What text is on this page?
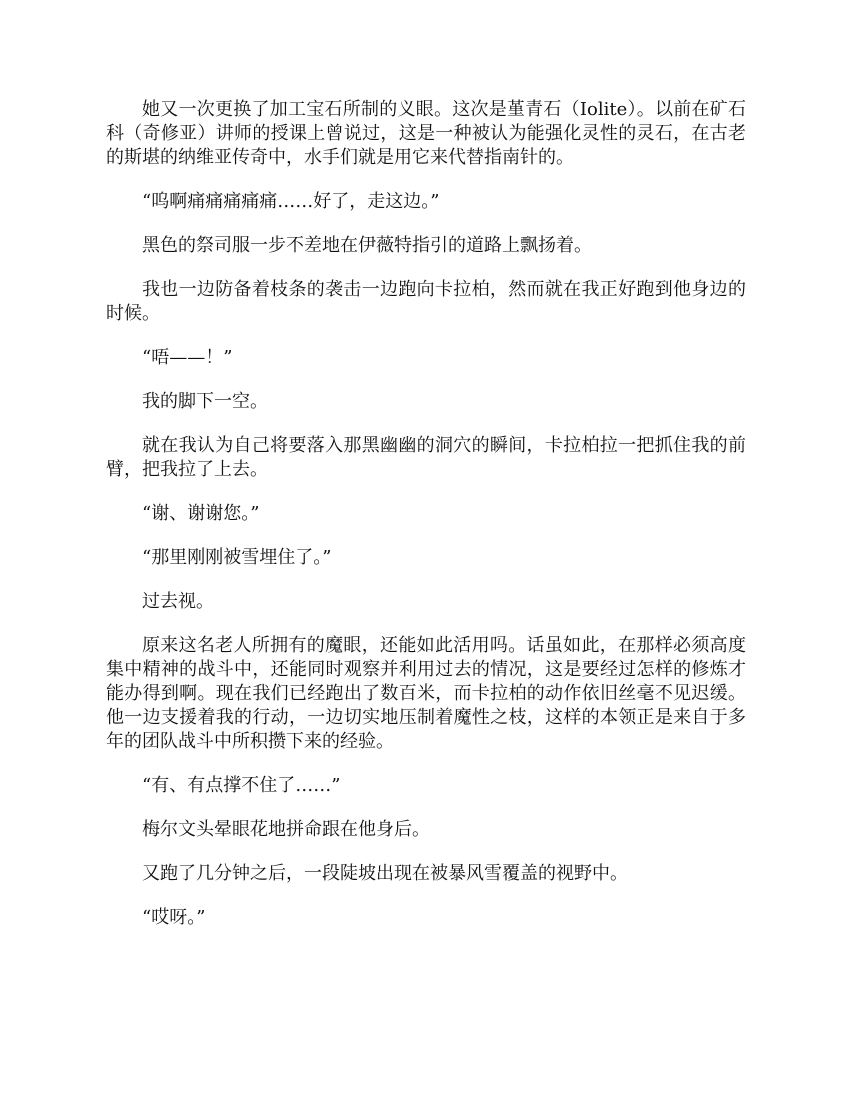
她又一次更换了加工宝石所制的义眼。这次是堇青石（Iolite）。以前在矿石科（奇修亚）讲师的授课上曾说过，这是一种被认为能强化灵性的灵石，在古老的斯堪的纳维亚传奇中，水手们就是用它来代替指南针的。

“呜啊痛痛痛痛痛……好了，走这边。”

黑色的祭司服一步不差地在伊薇特指引的道路上飘扬着。

我也一边防备着枝条的袭击一边跑向卡拉柏，然而就在我正好跑到他身边的时候。

“唔——！”

我的脚下一空。

就在我认为自己将要落入那黑幽幽的洞穴的瞬间，卡拉柏拉一把抓住我的前臂，把我拉了上去。

“谢、谢谢您。”

“那里刚刚被雪埋住了。”

过去视。

原来这名老人所拥有的魔眼，还能如此活用吗。话虽如此，在那样必须高度集中精神的战斗中，还能同时观察并利用过去的情况，这是要经过怎样的修炼才能办得到啊。现在我们已经跑出了数百米，而卡拉柏的动作依旧丝毫不见迟缓。他一边支援着我的行动，一边切实地压制着魔性之枝，这样的本领正是来自于多年的团队战斗中所积攒下来的经验。

“有、有点撑不住了……”

梅尔文头晕眼花地拼命跟在他身后。

又跑了几分钟之后，一段陡坡出现在被暴风雪覆盖的视野中。

“哎呀。”
